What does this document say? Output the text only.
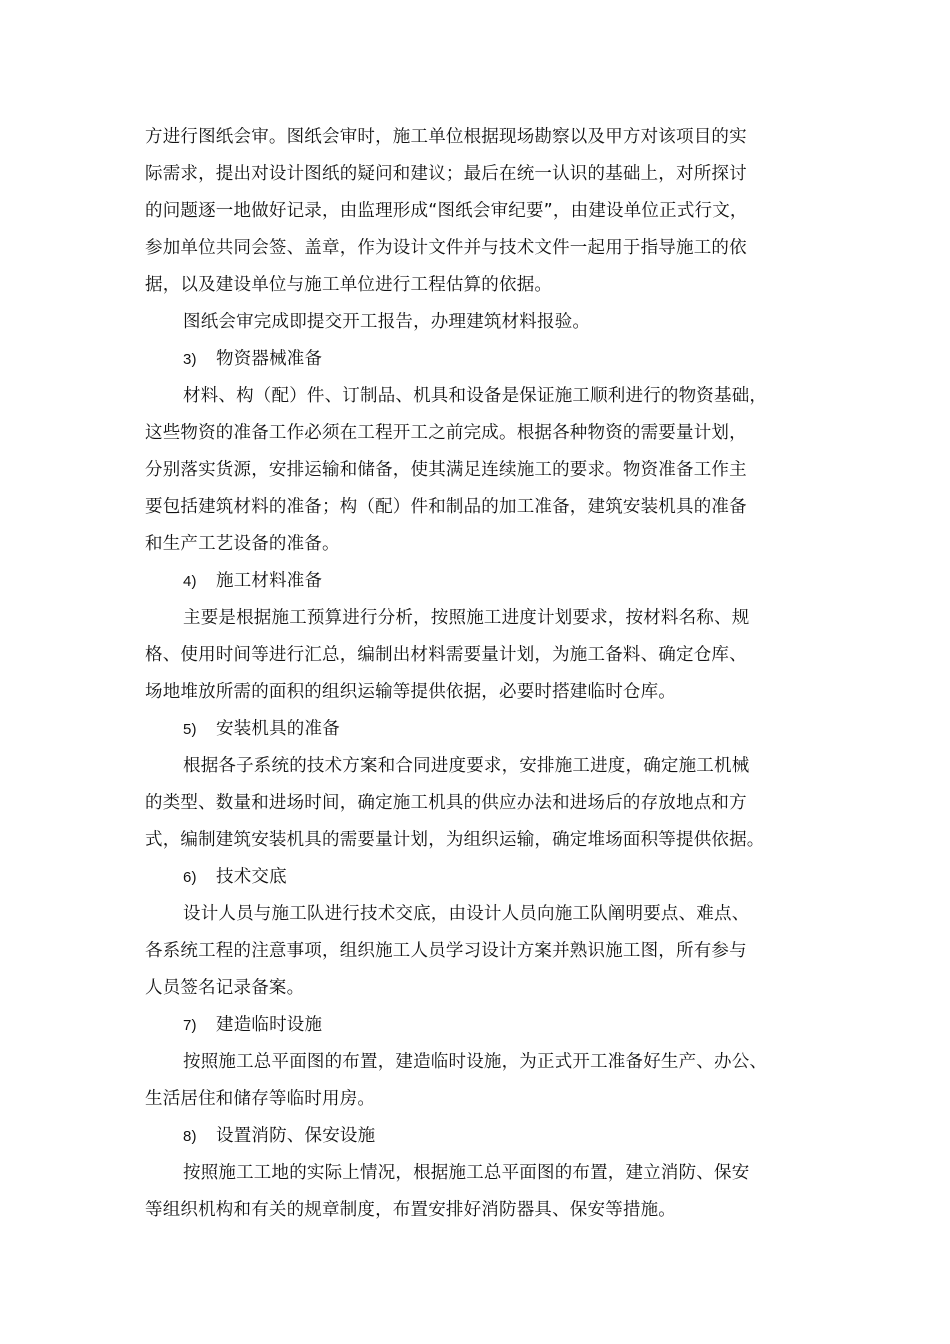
方进行图纸会审。图纸会审时，施工单位根据现场勘察以及甲方对该项目的实
际需求，提出对设计图纸的疑问和建议；最后在统一认识的基础上，对所探讨
的问题逐一地做好记录，由监理形成“图纸会审纪要”，由建设单位正式行文，
参加单位共同会签、盖章，作为设计文件并与技术文件一起用于指导施工的依
据，以及建设单位与施工单位进行工程估算的依据。
图纸会审完成即提交开工报告，办理建筑材料报验。
3) 物资器械准备
材料、构（配）件、订制品、机具和设备是保证施工顺利进行的物资基础，
这些物资的准备工作必须在工程开工之前完成。根据各种物资的需要量计划，
分别落实货源，安排运输和储备，使其满足连续施工的要求。物资准备工作主
要包括建筑材料的准备；构（配）件和制品的加工准备，建筑安装机具的准备
和生产工艺设备的准备。
4) 施工材料准备
主要是根据施工预算进行分析，按照施工进度计划要求，按材料名称、规
格、使用时间等进行汇总，编制出材料需要量计划，为施工备料、确定仓库、
场地堆放所需的面积的组织运输等提供依据，必要时搭建临时仓库。
5) 安装机具的准备
根据各子系统的技术方案和合同进度要求，安排施工进度，确定施工机械
的类型、数量和进场时间，确定施工机具的供应办法和进场后的存放地点和方
式，编制建筑安装机具的需要量计划，为组织运输，确定堆场面积等提供依据。
6) 技术交底
设计人员与施工队进行技术交底，由设计人员向施工队阐明要点、难点、
各系统工程的注意事项，组织施工人员学习设计方案并熟识施工图，所有参与
人员签名记录备案。
7) 建造临时设施
按照施工总平面图的布置，建造临时设施，为正式开工准备好生产、办公、
生活居住和储存等临时用房。
8) 设置消防、保安设施
按照施工工地的实际上情况，根据施工总平面图的布置，建立消防、保安
等组织机构和有关的规章制度，布置安排好消防器具、保安等措施。
